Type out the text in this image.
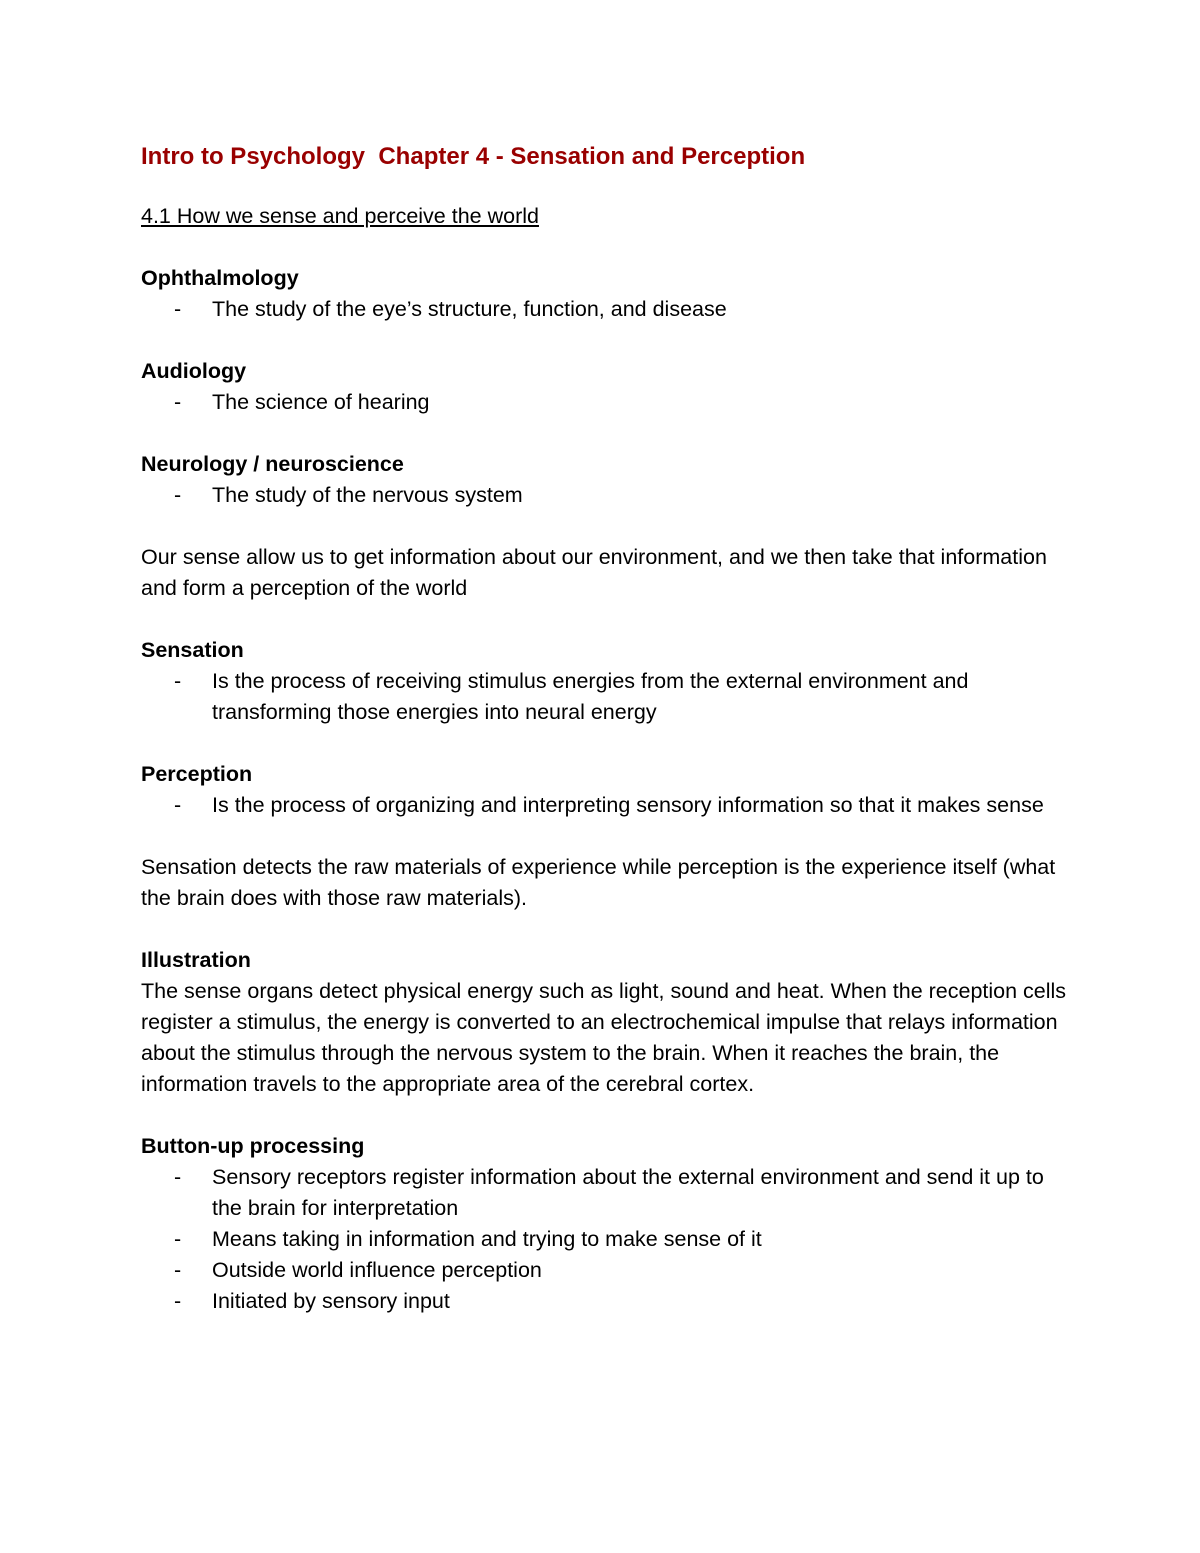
Intro to Psychology  Chapter 4 - Sensation and Perception

4.1 How we sense and perceive the world

Ophthalmology

- The study of the eye’s structure, function, and disease

Audiology

- The science of hearing

Neurology / neuroscience

- The study of the nervous system

Our sense allow us to get information about our environment, and we then take that information and form a perception of the world

Sensation

- Is the process of receiving stimulus energies from the external environment and transforming those energies into neural energy

Perception

- Is the process of organizing and interpreting sensory information so that it makes sense

Sensation detects the raw materials of experience while perception is the experience itself (what the brain does with those raw materials).

Illustration

The sense organs detect physical energy such as light, sound and heat. When the reception cells register a stimulus, the energy is converted to an electrochemical impulse that relays information about the stimulus through the nervous system to the brain. When it reaches the brain, the information travels to the appropriate area of the cerebral cortex.

Button-up processing

- Sensory receptors register information about the external environment and send it up to the brain for interpretation
- Means taking in information and trying to make sense of it
- Outside world influence perception
- Initiated by sensory input
